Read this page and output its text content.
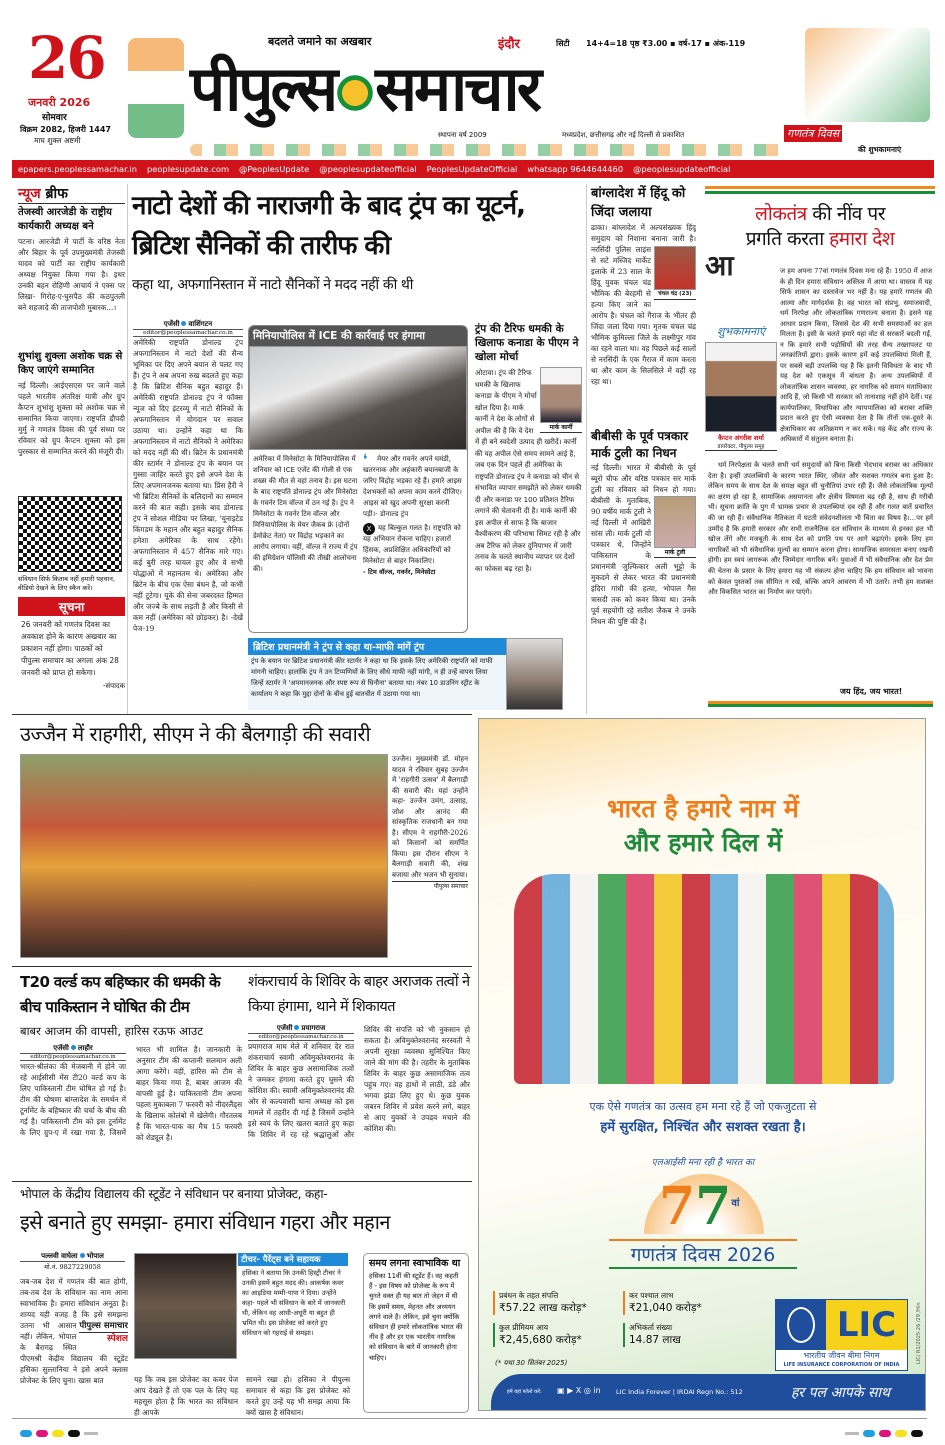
26
जनवरी 2026
सोमवार
विक्रम 2082, हिजरी 1447
माघ शुक्ल अष्टमी
बदलते जमाने का अखबार	इंदौर	सिटी 14+4=18 पृष्ठ ₹3.00 ▪ वर्ष-17 ▪ अंक-119
पीपुल्स समाचार
स्थापना वर्ष 2009	मध्यप्रदेश, छत्तीसगढ़ और नई दिल्ली से प्रकाशित	गणतंत्र दिवस
की शुभकामनाएं
epapers.peoplessamachar.in peoplesupdate.com @PeoplesUpdate @peoplesupdateofficial PeoplesUpdateOfficial whatsapp 9644644460 @peoplesupdateofficial
न्यूज ब्रीफ
तेजस्वी आरजेडी के राष्ट्रीय कार्यकारी अध्यक्ष बने
पटना। आरजेडी में पार्टी के वरिष्ठ नेता और बिहार के पूर्व उपमुख्यमंत्री तेजस्वी यादव को पार्टी का राष्ट्रीय कार्यकारी अध्यक्ष नियुक्त किया गया है। इधर उनकी बहन रोहिणी आचार्य ने एक्स पर लिखा- गिरोह-ए-घुसपैठ की कठपुतली बने शहजादे की ताजपोशी मुबारक...।
शुभांशु शुक्ला अशोक चक्र से किए जाएंगे सम्मानित
नई दिल्ली। आईएसएस पर जाने वाले पहले भारतीय अंतरिक्ष यात्री और ग्रुप कैप्टन शुभांशु शुक्ला को अशोक चक्र से सम्मानित किया जाएगा। राष्ट्रपति द्रौपदी मुर्मु ने गणतंत्र दिवस की पूर्व संध्या पर रविवार को ग्रुप कैप्टन शुक्ला को इस पुरस्कार से सम्मानित करने की मंजूरी दी।
संविधान सिर्फ किताब नहीं हमारी पहचान, वीडियो देखने के लिए स्कैन करें।
सूचना
26 जनवरी को गणतंत्र दिवस का अवकाश होने के कारण अखबार का प्रकाशन नहीं होगा। पाठकों को पीपुल्स समाचार का अगला अंक 28 जनवरी को प्राप्त हो सकेगा।
-संपादक
नाटो देशों की नाराजगी के बाद ट्रंप का यूटर्न, ब्रिटिश सैनिकों की तारीफ की
कहा था, अफगानिस्तान में नाटो सैनिकों ने मदद नहीं की थी
एजेंसी वाशिंगटन
editor@peoplessamachar.co.in
अमेरिकी राष्ट्रपति डोनाल्ड ट्रंप अफगानिस्तान में नाटो देशों की सैन्य भूमिका पर दिए अपने बयान से पलट गए हैं। ट्रंप ने अब अपना रुख बदलते हुए कहा है कि ब्रिटिश सैनिक बहुत बहादुर हैं। अमेरिकी राष्ट्रपति डोनाल्ड ट्रंप ने फॉक्स न्यूज को दिए इंटरव्यू में नाटो सैनिकों के अफगानिस्तान में योगदान पर सवाल उठाया था। उन्होंने कहा था कि अफगानिस्तान में नाटो सैनिकों ने अमेरिका को मदद नहीं की थी। ब्रिटेन के प्रधानमंत्री कीर स्टार्मर ने डोनाल्ड ट्रंप के बयान पर गुस्सा जाहिर करते हुए इसे अपने देश के लिए अपमानजनक बताया था। प्रिंस हैरी ने भी ब्रिटिश सैनिकों के बलिदानों का सम्मान करने की बात कही। इसके बाद डोनाल्ड ट्रंप ने सोशल मीडिया पर लिखा, 'यूनाइटेड किंगडम के महान और बहुत बहादुर सैनिक हमेशा अमेरिका के साथ रहेंगे। अफगानिस्तान में 457 सैनिक मारे गए। कई बुरी तरह घायल हुए और वे सभी योद्धाओं में महानतम थे। अमेरिका और ब्रिटेन के बीच एक ऐसा बंधन है, जो कभी नहीं टूटेगा। यूके की सेना जबरदस्त हिम्मत और जज्बे के साथ लड़ती है और किसी से कम नहीं (अमेरिका को छोड़कर) है। -देखें पेज-19
मिनियापोलिस में ICE की कार्रवाई पर हंगामा
अमेरिका में मिनेसोटा के मिनियापोलिस में शनिवार को ICE एजेंट की गोली से एक शख्स की मौत से वहां तनाव है। इस घटना के बाद राष्ट्रपति डोनाल्ड ट्रंप और मिनेसोटा के गवर्नर टिम वॉल्ज में ठन गई है। ट्रंप ने मिनेसोटा के गवर्नर टिम वॉल्ज और मिनियापोलिस के मेयर जैकब फ्रे (दोनों डेमोक्रेट नेता) पर विद्रोह भड़काने का आरोप लगाया। वहीं, वॉल्ज ने राज्य में ट्रंप की इमिग्रेशन पॉलिसी की तीखी आलोचना की।
❛	मेयर और गवर्नर अपने घमंडी, खतरनाक और अहंकारी बयानबाजी के जरिए विद्रोह भड़का रहे हैं। हमारे आइस देशभक्तों को अपना काम करने दीजिए। आइस को खुद अपनी सुरक्षा करनी पड़ी।- डोनाल्ड ट्रंप
X यह बिल्कुल गलत है। राष्ट्रपति को यह अभियान रोकना चाहिए। हजारों हिंसक, अप्रशिक्षित अधिकारियों को मिनेसोटा से बाहर निकालिए।
- टिम वॉल्ज, गवर्नर, मिनेसोटा
ब्रिटिश प्रधानमंत्री ने ट्रंप से कहा था-माफी मांगें ट्रंप
ट्रंप के बयान पर ब्रिटिश प्रधानमंत्री कीर स्टार्मर ने कहा था कि इसके लिए अमेरिकी राष्ट्रपति को माफी मांगनी चाहिए। हालांकि ट्रंप ने उन टिप्पणियों के लिए सीधे माफी नहीं मांगी, न ही उन्हें वापस लिया जिन्हें स्टार्मर ने 'अपमानजनक और स्पष्ट रूप से घिनौना' बताया था। नंबर 10 डाउनिंग स्ट्रीट के कार्यालय ने कहा कि मुद्दा दोनों के बीच हुई बातचीत में उठाया गया था।
ट्रंप की टैरिफ धमकी के खिलाफ कनाडा के पीएम ने खोला मोर्चा
मार्क कार्नी
ओटावा। ट्रंप की टैरिफ धमकी के खिलाफ कनाडा के पीएम ने मोर्चा खोल दिया है। मार्क कार्नी ने देश के लोगों से अपील की है कि वे देश में ही बने स्वदेशी उत्पाद ही खरीदें। कार्नी की यह अपील ऐसे समय सामने आई है, जब एक दिन पहले ही अमेरिका के राष्ट्रपति डोनाल्ड ट्रंप ने कनाडा को चीन से संभावित व्यापार समझौते को लेकर धमकी दी और कनाडा पर 100 प्रतिशत टैरिफ लगाने की चेतावनी दी है। मार्क कार्नी की इस अपील से साफ है कि बाजार वैश्वीकरण की परिभाषा सिमट रही है और अब टैरिफ को लेकर दुनियाभर में जारी तनाव के चलते स्थानीय व्यापार पर देशों का फोकस बढ़ रहा है।
बांग्लादेश में हिंदू को जिंदा जलाया
चंचल चंद्र (23)
ढाका। बांग्लादेश में अल्पसंख्यक हिंदू समुदाय को निशाना बनाना जारी है। नरसिंदी पुलिस लाइंस से सटे मस्जिद मार्केट इलाके में 23 साल के हिंदू युवक चंचल चंद्र भौमिक की बेरहमी से हत्या किए जाने का आरोप है। चंचल को गैराज के भीतर ही जिंदा जला दिया गया। मृतक चंचल चंद्र भौमिक कुमिल्ला जिले के लक्ष्मीपुर गांव का रहने वाला था। वह पिछले कई सालों से नरसिंदी के एक गैराज में काम करता था और काम के सिलसिले में वहीं रह रहा था।
बीबीसी के पूर्व पत्रकार मार्क टुली का निधन
मार्क टुली
नई दिल्ली। भारत में बीबीसी के पूर्व ब्यूरो चीफ और वरिष्ठ पत्रकार सर मार्क टुली का रविवार को निधन हो गया। बीबीसी के मुताबिक, 90 वर्षीय मार्क टुली ने नई दिल्ली में आखिरी सांस ली। मार्क टुली वो पत्रकार थे, जिन्होंने पाकिस्तान के प्रधानमंत्री जुल्फिकार अली भुट्टो के मुकदमे से लेकर भारत की प्रधानमंत्री इंदिरा गांधी की हत्या, भोपाल गैस त्रासदी तक को कवर किया था। उनके पूर्व सहयोगी रहे सतीश जैकब ने उनके निधन की पुष्टि की है।
लोकतंत्र की नींव पर
प्रगति करता हमारा देश
आ
शुभकामनाएं
कैप्टन अंगरीश शर्मा
डायरेक्टर, पीपुल्स समूह
ज हम अपना 77वां गणतंत्र दिवस मना रहे हैं। 1950 में आज के ही दिन हमारा संविधान अस्तित्व में आया था। वास्तव में यह सिर्फ शासन का दस्तावेज भर नहीं है। यह हमारे गणतंत्र की आत्मा और मार्गदर्शक है। वह भारत को संप्रभु, समाजवादी, धर्म निरपेक्ष और लोकतांत्रिक गणराज्य बनाता है। इसने यह आधार प्रदान किया, जिससे देश की सभी समस्याओं का हल मिलता है। इसी के चलते हमारे यहां वोट से सरकारें बदली गईं, न कि हमारे सभी पड़ोसियों की तरह सैन्य तख्तापलट या जनक्रांतियों द्वारा। इसके कारण हमें कई उपलब्धियां मिली हैं, पर सबसे बड़ी उपलब्धि यह है कि इतनी विविधता के बाद भी यह देश को एकसूत्र में बांधता है। अन्य उपलब्धियों में लोकतांत्रिक शासन व्यवस्था, हर नागरिक को समान मताधिकार आदि हैं, जो किसी भी सरकार को तानाशाह नहीं होने देतीं। यह कार्यपालिका, विधायिका और न्यायपालिका को बराबर शक्ति प्रदान करते हुए ऐसी व्यवस्था देता है कि तीनों एक-दूसरे के क्षेत्राधिकार का अतिक्रमण न कर सकें। यह केंद्र और राज्य के अधिकारों में संतुलन बनाता है।
धर्म निरपेक्षता के चलते सभी धर्म समुदायों को बिना किसी भेदभाव बराबर का अधिकार देता है। इन्हीं उपलब्धियों के कारण भारत स्थिर, जीवंत और सशक्त गणतंत्र बना हुआ है। लेकिन समय के साथ देश के समक्ष बहुत सी चुनौतियां उभर रही हैं। जैसे लोकतांत्रिक मूल्यों का क्षरण हो रहा है, सामाजिक असमानता और क्षेत्रीय विषमता बढ़ रही है, साथ ही गरीबी भी। सूचना क्रांति के युग में भ्रामक प्रचार से उपलब्धियां दब रही हैं और गलत बातें प्रचारित की जा रही हैं। संवैधानिक नैतिकता में घटती संवेदनशीलता भी चिंता का विषय है।...पर हमें उम्मीद है कि हमारी सरकार और सभी राजनैतिक दल संविधान के माध्यम से इनका हल भी खोज लेंगे और मजबूती के साथ देश को प्रगति पथ पर आगे बढ़ाएंगे। इसके लिए हम नागरिकों को भी संवैधानिक मूल्यों का सम्मान करना होगा। सामाजिक समरसता बनाए रखनी होगी। हम स्वयं जागरूक और जिम्मेदार नागरिक बनें। युवाओं में भी संवैधानिक और देश प्रेम की चेतना के प्रसार के लिए हमारा यह भी संकल्प होना चाहिए कि हम संविधान को भावना को केवल पुस्तकों तक सीमित न रखें, बल्कि अपने आचरण में भी उतारें। तभी हम सशक्त और विकसित भारत का निर्माण कर पाएंगे।
जय हिंद, जय भारत!
उज्जैन में राहगीरी, सीएम ने की बैलगाड़ी की सवारी
उज्जैन। मुख्यमंत्री डॉ. मोहन यादव ने रविवार सुबह उज्जैन में 'राहगीरी उत्सव' में बैलगाड़ी की सवारी की। यहां उन्होंने कहा- उज्जैन उमंग, उत्साह, जोश और आनंद की सांस्कृतिक राजधानी बन गया है। सीएम ने राहगीरी-2026 को किसानों को समर्पित किया। इस दौरान सीएम ने बैलगाड़ी सवारी की, शंख बजाया और भजन भी सुनाया।
पीपुल्स समाचार
T20 वर्ल्ड कप बहिष्कार की धमकी के बीच पाकिस्तान ने घोषित की टीम
बाबर आजम की वापसी, हारिस रऊफ आउट
एजेंसी लाहौर
editor@peoplessamachar.co.in
भारत-श्रीलंका की मेजबानी में होने जा रहे आईसीसी मेंस टी20 वर्ल्ड कप के लिए पाकिस्तानी टीम घोषित हो गई है। टीम की घोषणा बांग्लादेश के समर्थन में टूर्नामेंट के बहिष्कार की चर्चा के बीच की गई है। पाकिस्तानी टीम को इस टूर्नामेंट के लिए ग्रुप-ए में रखा गया है, जिसमें भारत भी शामिल है। जानकारी के अनुसार टीम की कप्तानी सलमान अली आगा करेंगे। वहीं, हारिस को टीम से बाहर किया गया है, बाबर आजम की वापसी हुई है। पाकिस्तानी टीम अपना पहला मुकाबला 7 फरवरी को नीदरलैंड्स के खिलाफ कोलंबो में खेलेगी। गौरतलब है कि भारत-पाक का मैच 15 फरवरी को शेड्यूल है।
शंकराचार्य के शिविर के बाहर अराजक तत्वों ने किया हंगामा, थाने में शिकायत
एजेंसी प्रयागराज
editor@peoplessamachar.co.in
प्रयागराज माघ मेले में शनिवार देर रात शंकराचार्य स्वामी अविमुक्तेश्वरानंद के शिविर के बाहर कुछ असामाजिक तत्वों ने जमकर हंगामा करते हुए घुसने की कोशिश की। स्वामी अविमुक्तेश्वरानंद की ओर से कल्पवासी थाना अध्यक्ष को इस मामले में तहरीर दी गई है जिसमें उन्होंने इसे स्वयं के लिए खतरा बताते हुए कहा कि शिविर में रह रहे श्रद्धालुओं और शिविर की संपत्ति को भी नुकसान हो सकता है। अविमुक्तेश्वरानंद सरस्वती ने अपनी सुरक्षा व्यवस्था सुनिश्चित किए जाने की मांग की है। तहरीर के मुताबिक शिविर के बाहर कुछ असामाजिक तत्व पहुंच गए। वह हाथों में लाठी, डंडे और भगवा झंडा लिए हुए थे। कुछ युवक जबरन शिविर में प्रवेश करने लगे, बाहर से आए युवकों ने उपद्रव मचाने की कोशिश की।
भोपाल के केंद्रीय विद्यालय की स्टूडेंट ने संविधान पर बनाया प्रोजेक्ट, कहा-
इसे बनाते हुए समझा- हमारा संविधान गहरा और महान
पल्लवी वाघेला भोपाल
मो.नं. 9827229058
पीपुल्स समाचार
स्पेशल
जब-जब देश में गणतंत्र की बात होगी, तब-तब देश के संविधान का नाम आना स्वाभाविक है। हमारा संविधान अनूठा है। शायद यही वजह है कि इसे समझना उतना भी आसान नहीं। लेकिन, भोपाल के बैरागढ़ स्थित पीएमश्री केंद्रीय विद्यालय की स्टूडेंट हसिका सुल्तानिया ने इसे अपने क्लास प्रोजेक्ट के लिए चुना। खास बात
टीचर- पैरेंट्स बने सहायक
हसिका ने बताया कि उनकी हिस्ट्री टीचर ने उनकी इसमें बहुत मदद की। आकर्षक कवर का आइडिया मम्मी-पापा ने दिया। उन्होंने कहा- पहले भी संविधान के बारे में जानकारी थी, लेकिन वह आधी-अधूरी या बहुत ही भ्रमित थी। इस प्रोजेक्ट को करते हुए संविधान को गहराई से समझा।
यह कि जब इस प्रोजेक्ट का कवर पेज आप देखते हैं तो एक पल के लिए यह महसूस होता है कि भारत का संविधान ही आपके
सामने रखा हो। हसिका ने पीपुल्स समाचार से कहा कि इस प्रोजेक्ट को करते हुए उन्हें यह भी समझ आया कि क्यों खास है संविधान।
समय लगना स्वाभाविक था
हसिका 11वीं की स्टूडेंट हैं। वह कहती हैं - इस विषय को प्रोजेक्ट के रूप में चुनते वक्त ही यह बात तो जेहन में थी कि इसमें समय, मेहनत और अध्ययन लगने वाले हैं। लेकिन, इसे चुना क्योंकि संविधान ही हमारे लोकतांत्रिक भारत की नींव है और हर एक भारतीय नागरिक को संविधान के बारे में जानकारी होना चाहिए।
भारत है हमारे नाम में
और हमारे दिल में
एक ऐसे गणतंत्र का उत्सव हम मना रहे हैं जो एकजुटता से
हमें सुरक्षित, निश्चिंत और सशक्त रखता है।
एलआईसी मना रही है भारत का
$77^{वां}$
गणतंत्र दिवस 2026
प्रबंधन के तहत संपत्ति
₹57.22 लाख करोड़*
कर पश्चात लाभ
₹21,040 करोड़*
कुल प्रीमियम आय
₹2,45,680 करोड़*
अभिकर्ता संख्या
14.87 लाख
(* यथा 30 सितंबर 2025)
LIC
भारतीय जीवन बीमा निगम
LIFE INSURANCE CORPORATION OF INDIA
LIC/ R1/2025-26 /29 /Hin
हमें यहां फॉलो करें: ▣ ▶ X ◎ in LIC India Forever | IRDAI Regn No.: 512	हर पल आपके साथ
